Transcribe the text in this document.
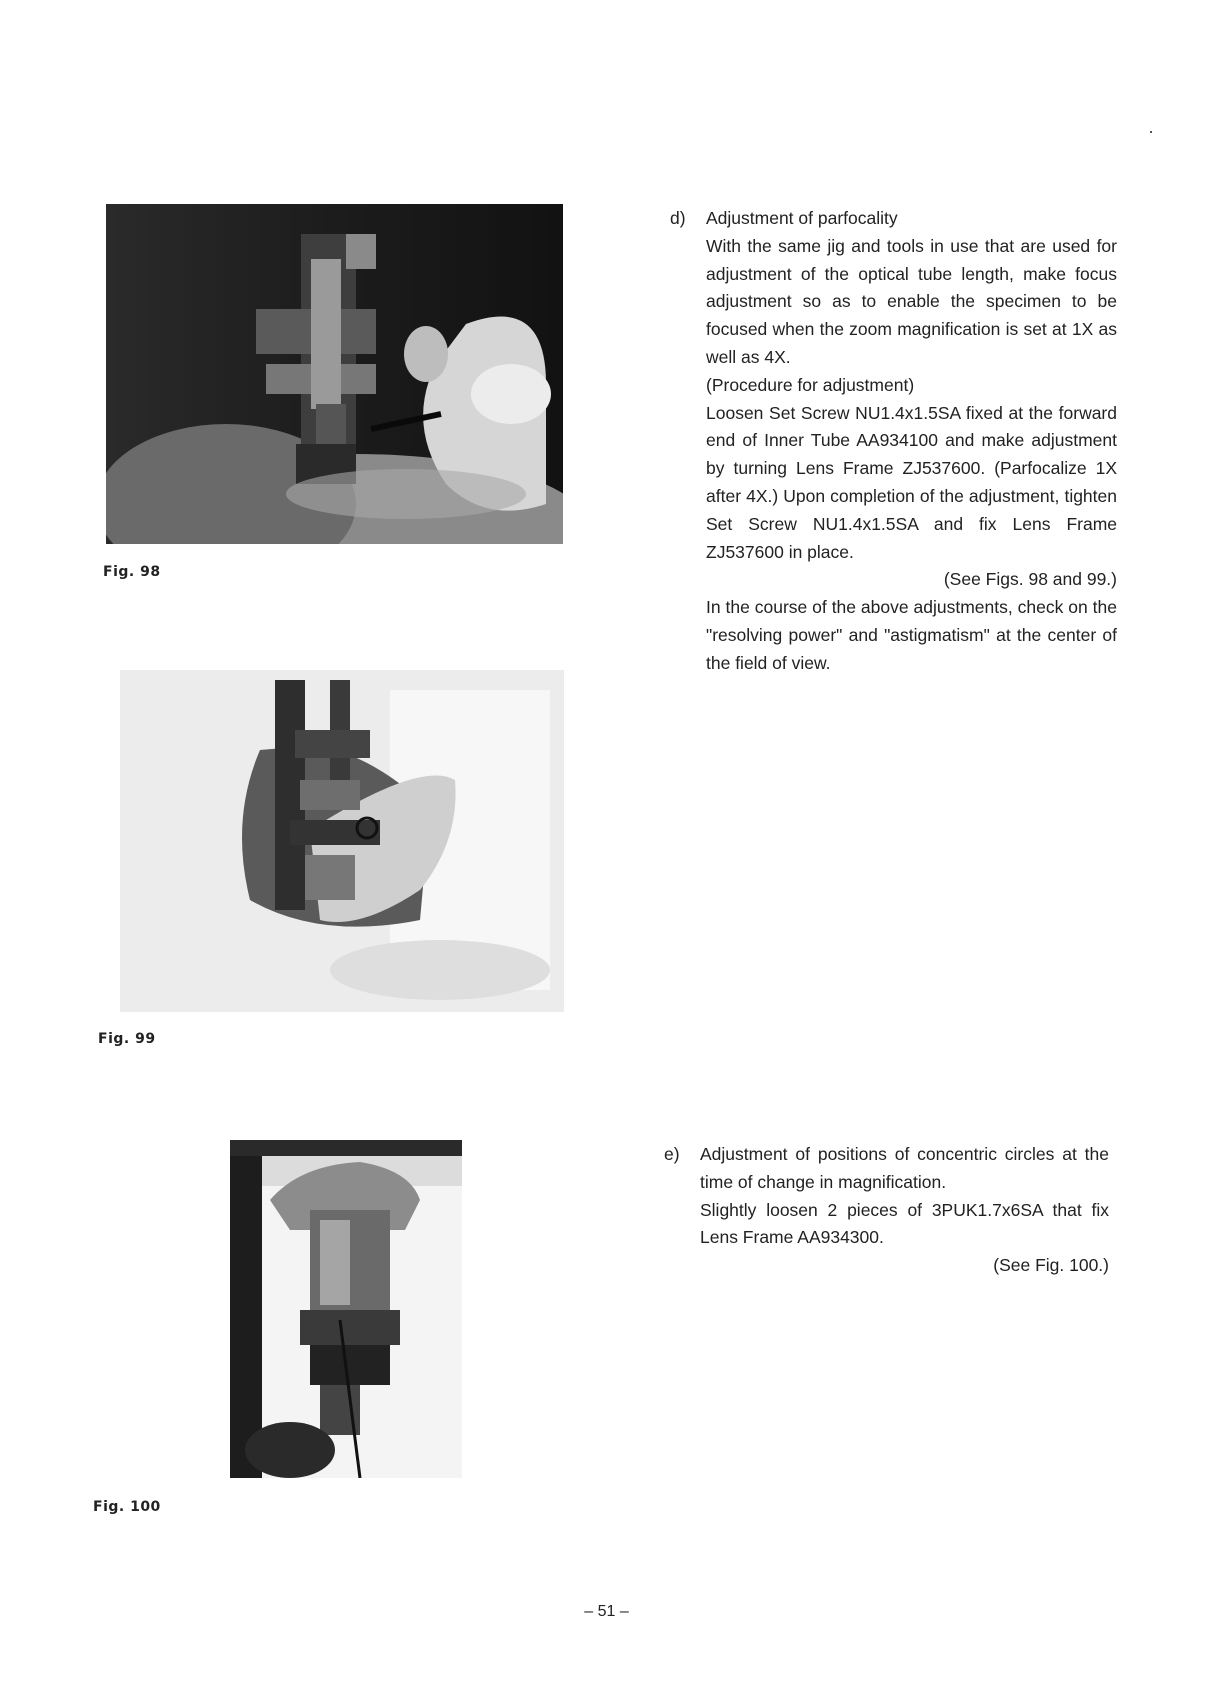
Fig. 98
Fig. 99
Fig. 100
d) Adjustment of parfocality
With the same jig and tools in use that are used for adjustment of the optical tube length, make focus adjustment so as to enable the specimen to be focused when the zoom magnification is set at 1X as well as 4X.
(Procedure for adjustment)
Loosen Set Screw NU1.4x1.5SA fixed at the forward end of Inner Tube AA934100 and make adjustment by turning Lens Frame ZJ537600. (Parfocalize 1X after 4X.) Upon completion of the adjustment, tighten Set Screw NU1.4x1.5SA and fix Lens Frame ZJ537600 in place.
(See Figs. 98 and 99.)
In the course of the above adjustments, check on the "resolving power" and "astigmatism" at the center of the field of view.
e) Adjustment of positions of concentric circles at the time of change in magnification.
Slightly loosen 2 pieces of 3PUK1.7x6SA that fix Lens Frame AA934300.
(See Fig. 100.)
– 51 –
